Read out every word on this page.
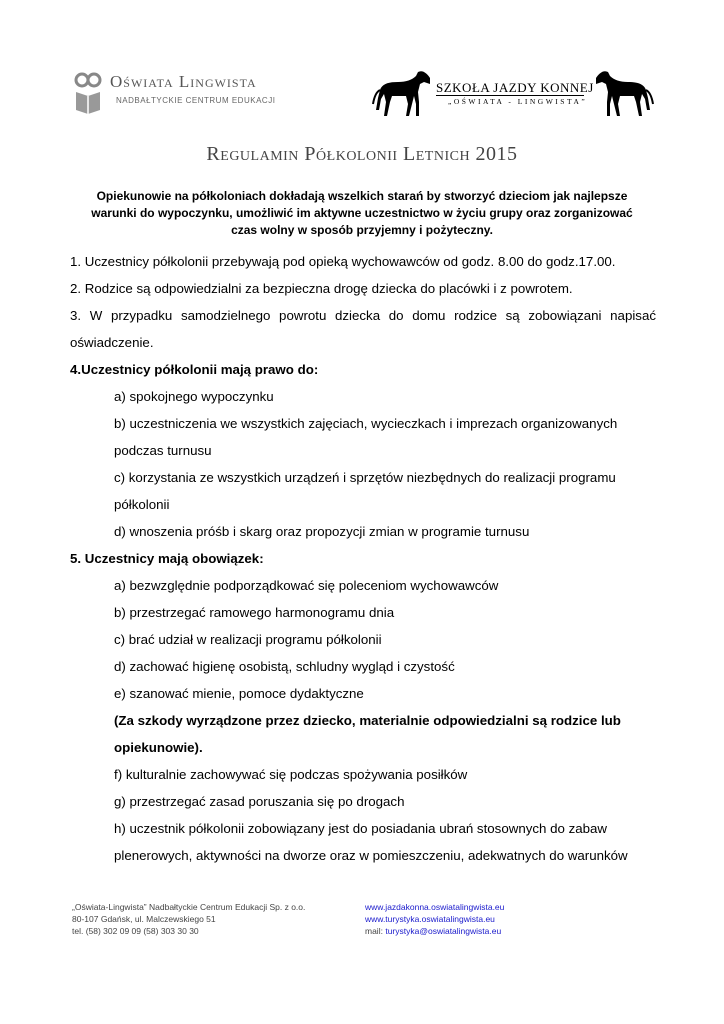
Oświata Lingwista
NADBAŁTYCKIE CENTRUM EDUKACJI
SZKOŁA JAZDY KONNEJ
„OŚWIATA - LINGWISTA”
Regulamin Półkolonii Letnich 2015
Opiekunowie na półkoloniach dokładają wszelkich starań by stworzyć dzieciom jak najlepsze warunki do wypoczynku, umożliwić im aktywne uczestnictwo w życiu grupy oraz zorganizować czas wolny w sposób przyjemny i pożyteczny.
1. Uczestnicy półkolonii przebywają pod opieką wychowawców od godz. 8.00 do godz.17.00.
2. Rodzice są odpowiedzialni za bezpieczna drogę dziecka do placówki i z powrotem.
3. W przypadku samodzielnego powrotu dziecka do domu rodzice są zobowiązani napisać
oświadczenie.
4.Uczestnicy półkolonii mają prawo do:
a) spokojnego wypoczynku
b) uczestniczenia we wszystkich zajęciach, wycieczkach i imprezach organizowanych
podczas turnusu
c) korzystania ze wszystkich urządzeń i sprzętów niezbędnych do realizacji programu
półkolonii
d) wnoszenia próśb i skarg oraz propozycji zmian w programie turnusu
5. Uczestnicy mają obowiązek:
a) bezwzględnie podporządkować się poleceniom wychowawców
b) przestrzegać ramowego harmonogramu dnia
c) brać udział w realizacji programu półkolonii
d) zachować higienę osobistą, schludny wygląd i czystość
e) szanować mienie, pomoce dydaktyczne
(Za szkody wyrządzone przez dziecko, materialnie odpowiedzialni są rodzice lub
opiekunowie).
f) kulturalnie zachowywać się podczas spożywania posiłków
g) przestrzegać zasad poruszania się po drogach
h) uczestnik półkolonii zobowiązany jest do posiadania ubrań stosownych do zabaw
plenerowych, aktywności na dworze oraz w pomieszczeniu, adekwatnych do warunków
„Oświata-Lingwista” Nadbałtyckie Centrum Edukacji Sp. z o.o.
80-107 Gdańsk, ul. Malczewskiego 51
tel. (58) 302 09 09 (58) 303 30 30
www.jazdakonna.oswiatalingwista.eu
www.turystyka.oswiatalingwista.eu
mail: turystyka@oswiatalingwista.eu
